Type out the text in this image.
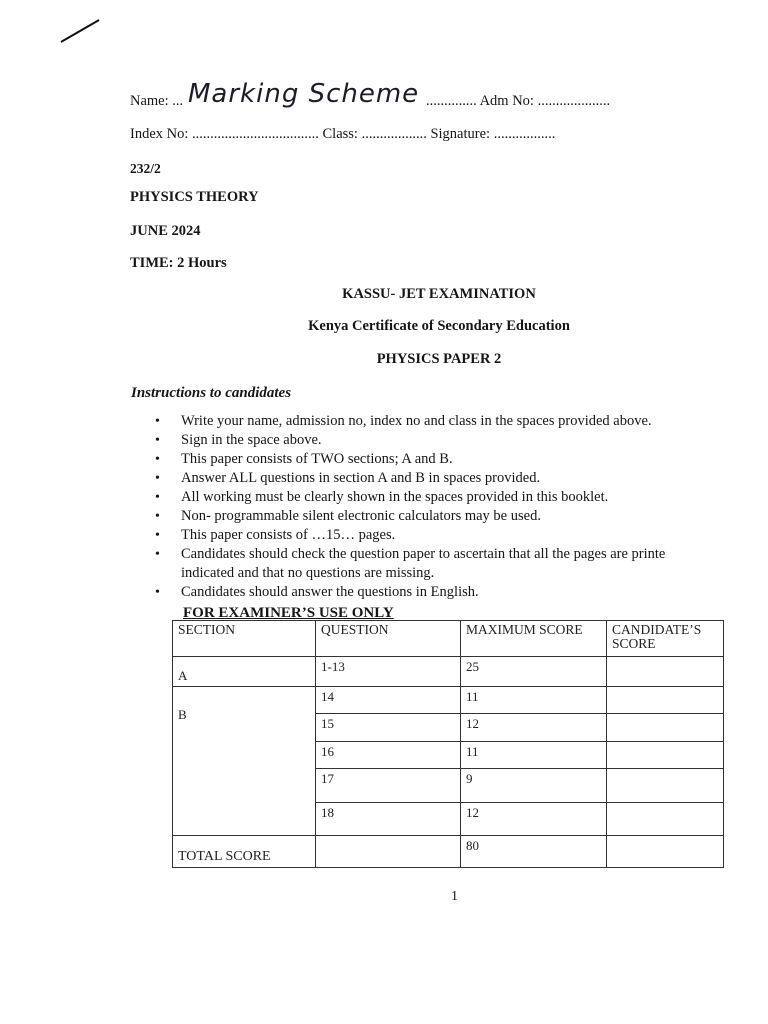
Name: ... Marking Scheme .............. Adm No: ....................
Index No: ................................... Class: .................. Signature: .................
232/2
PHYSICS THEORY
JUNE 2024
TIME: 2 Hours
KASSU- JET EXAMINATION
Kenya Certificate of Secondary Education
PHYSICS PAPER 2
Instructions to candidates
• Write your name, admission no, index no and class in the spaces provided above.
• Sign in the space above.
• This paper consists of TWO sections; A and B.
• Answer ALL questions in section A and B in spaces provided.
• All working must be clearly shown in the spaces provided in this booklet.
• Non- programmable silent electronic calculators may be used.
• This paper consists of …15… pages.
• Candidates should check the question paper to ascertain that all the pages are printe
indicated and that no questions are missing.
• Candidates should answer the questions in English.
FOR EXAMINER’S USE ONLY
SECTION	QUESTION	MAXIMUM SCORE	CANDIDATE’S SCORE
A	1-13	25	
B	14	11	
	15	12	
	16	11	
	17	9	
	18	12	
TOTAL SCORE		80	
1
